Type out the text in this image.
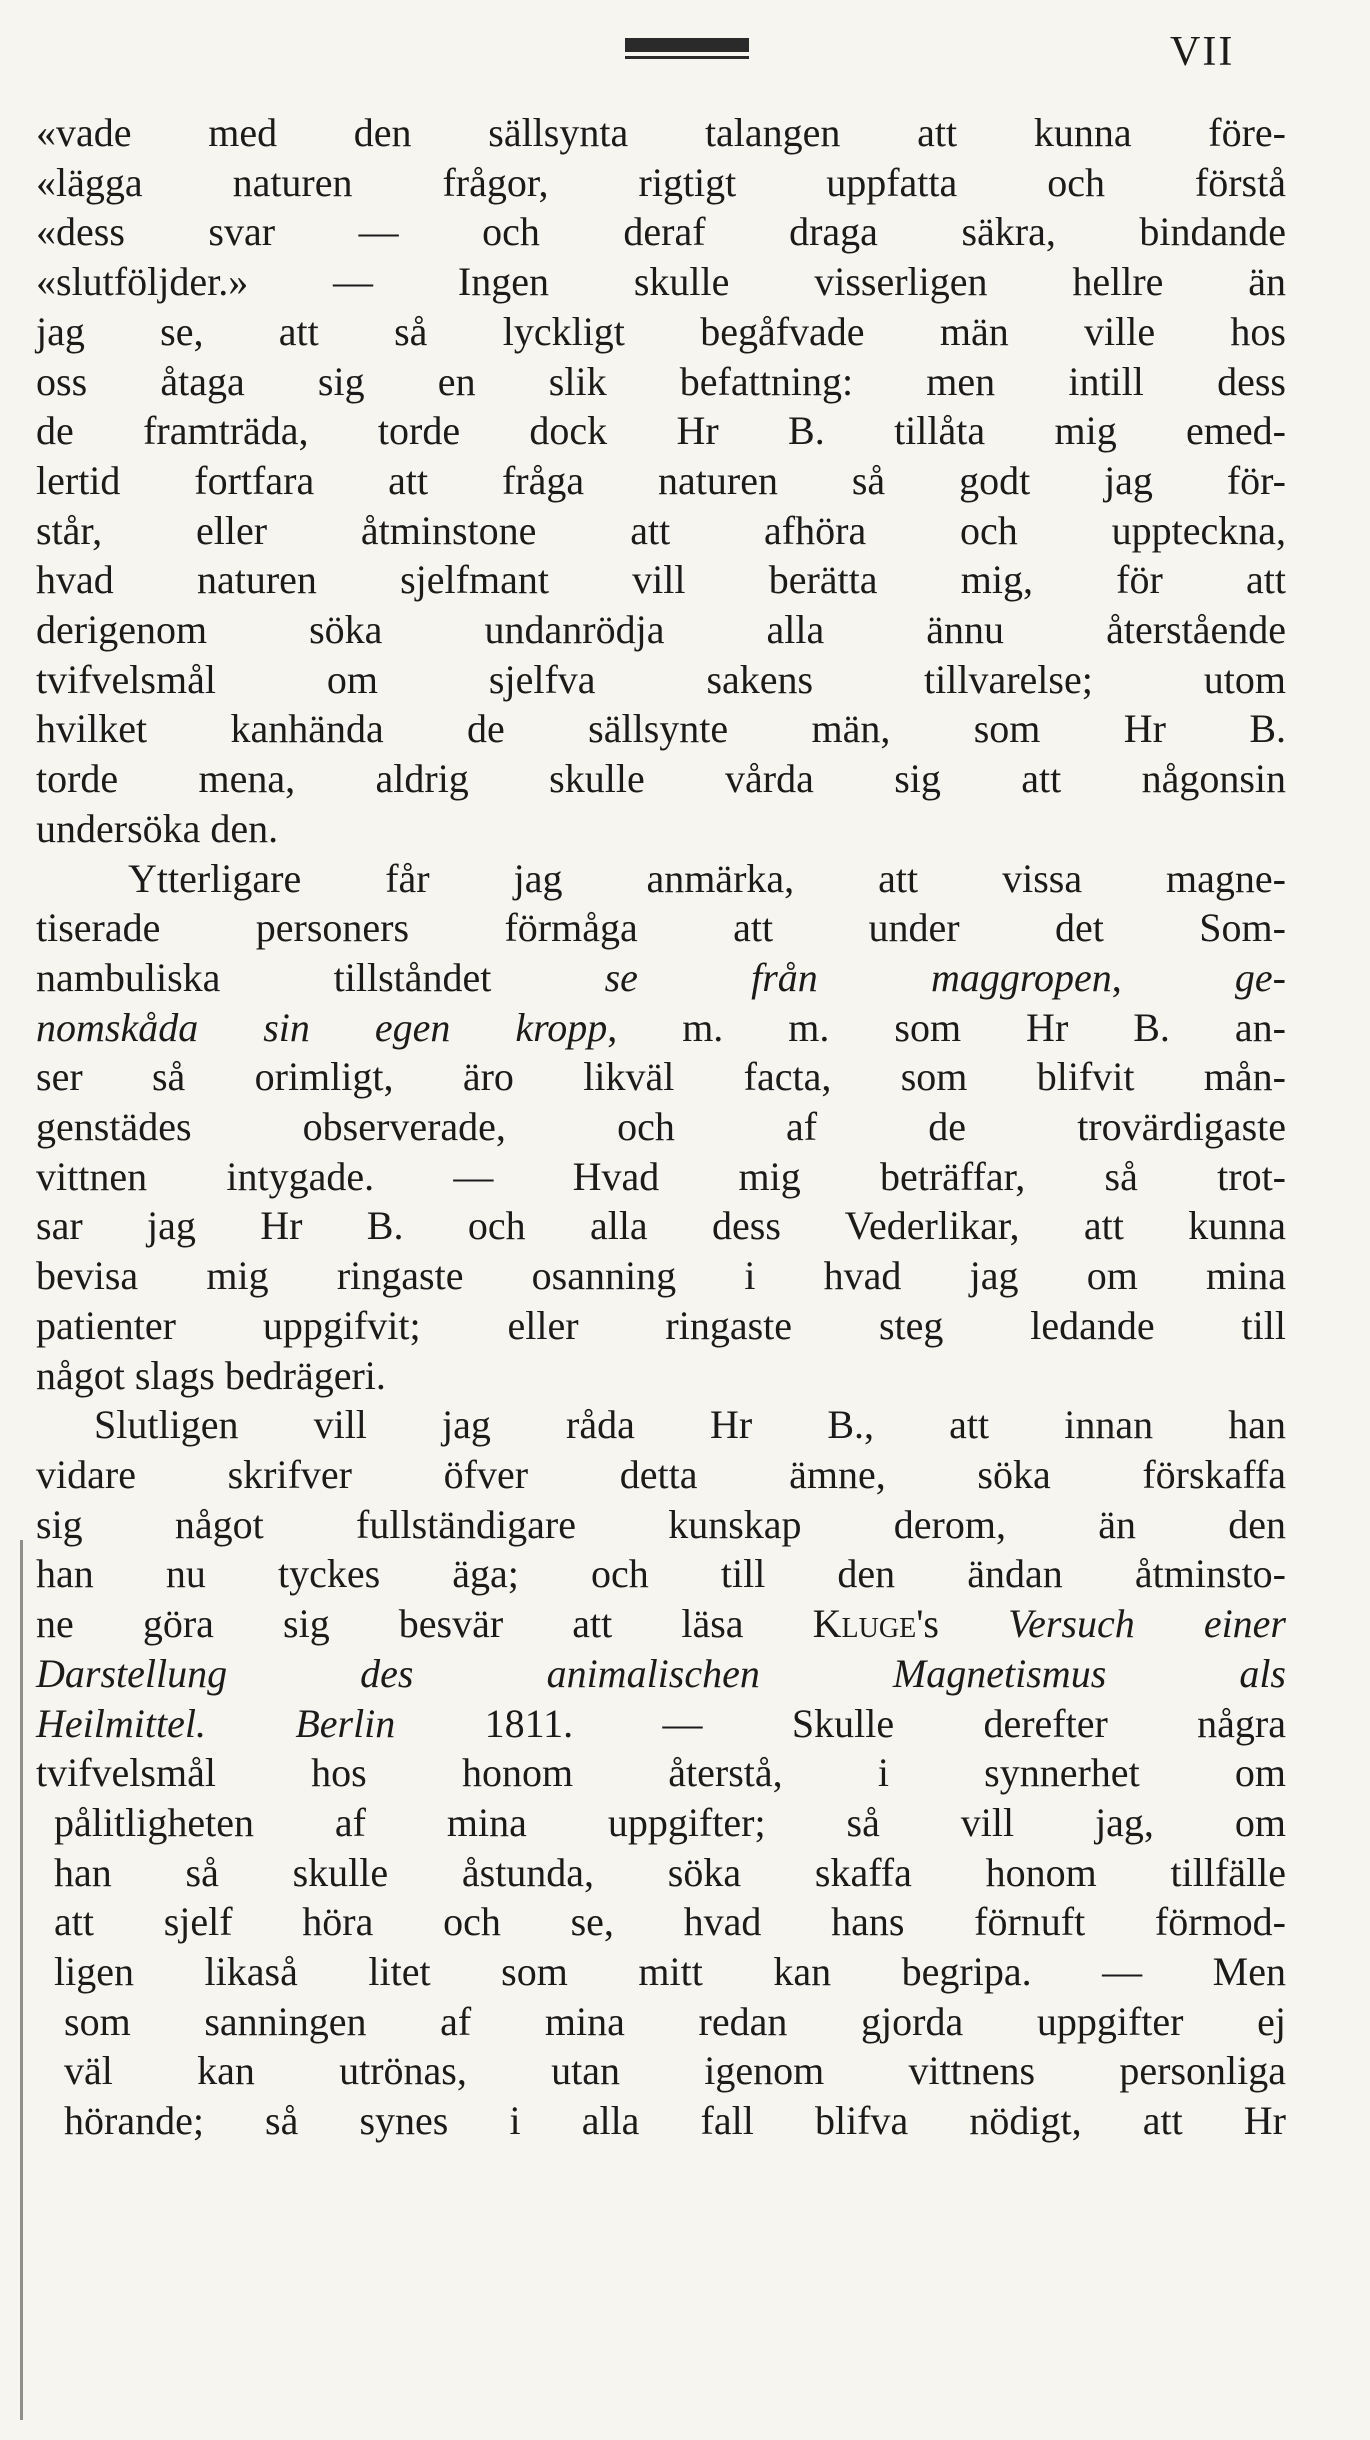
VII
«vade med den sällsynta talangen att kunna före-
«lägga naturen frågor, rigtigt uppfatta och förstå
«dess svar — och deraf draga säkra, bindande
«slutföljder.» — Ingen skulle visserligen hellre än
jag se, att så lyckligt begåfvade män ville hos
oss åtaga sig en slik befattning: men intill dess
de framträda, torde dock Hr B. tillåta mig emed-
lertid fortfara att fråga naturen så godt jag för-
står, eller åtminstone att afhöra och uppteckna,
hvad naturen sjelfmant vill berätta mig, för att
derigenom söka undanrödja alla ännu återstående
tvifvelsmål om sjelfva sakens tillvarelse; utom
hvilket kanhända de sällsynte män, som Hr B.
torde mena, aldrig skulle vårda sig att någonsin
undersöka den.
Ytterligare får jag anmärka, att vissa magne-
tiserade personers förmåga att under det Som-
nambuliska tillståndet se från maggropen, ge-
nomskåda sin egen kropp, m. m. som Hr B. an-
ser så orimligt, äro likväl facta, som blifvit mån-
genstädes observerade, och af de trovärdigaste
vittnen intygade. — Hvad mig beträffar, så trot-
sar jag Hr B. och alla dess Vederlikar, att kunna
bevisa mig ringaste osanning i hvad jag om mina
patienter uppgifvit; eller ringaste steg ledande till
något slags bedrägeri.
Slutligen vill jag råda Hr B., att innan han
vidare skrifver öfver detta ämne, söka förskaffa
sig något fullständigare kunskap derom, än den
han nu tyckes äga; och till den ändan åtminsto-
ne göra sig besvär att läsa Kluge's Versuch einer
Darstellung des animalischen Magnetismus als
Heilmittel. Berlin 1811. — Skulle derefter några
tvifvelsmål hos honom återstå, i synnerhet om
pålitligheten af mina uppgifter; så vill jag, om
han så skulle åstunda, söka skaffa honom tillfälle
att sjelf höra och se, hvad hans förnuft förmod-
ligen likaså litet som mitt kan begripa. — Men
som sanningen af mina redan gjorda uppgifter ej
väl kan utrönas, utan igenom vittnens personliga
hörande; så synes i alla fall blifva nödigt, att Hr
